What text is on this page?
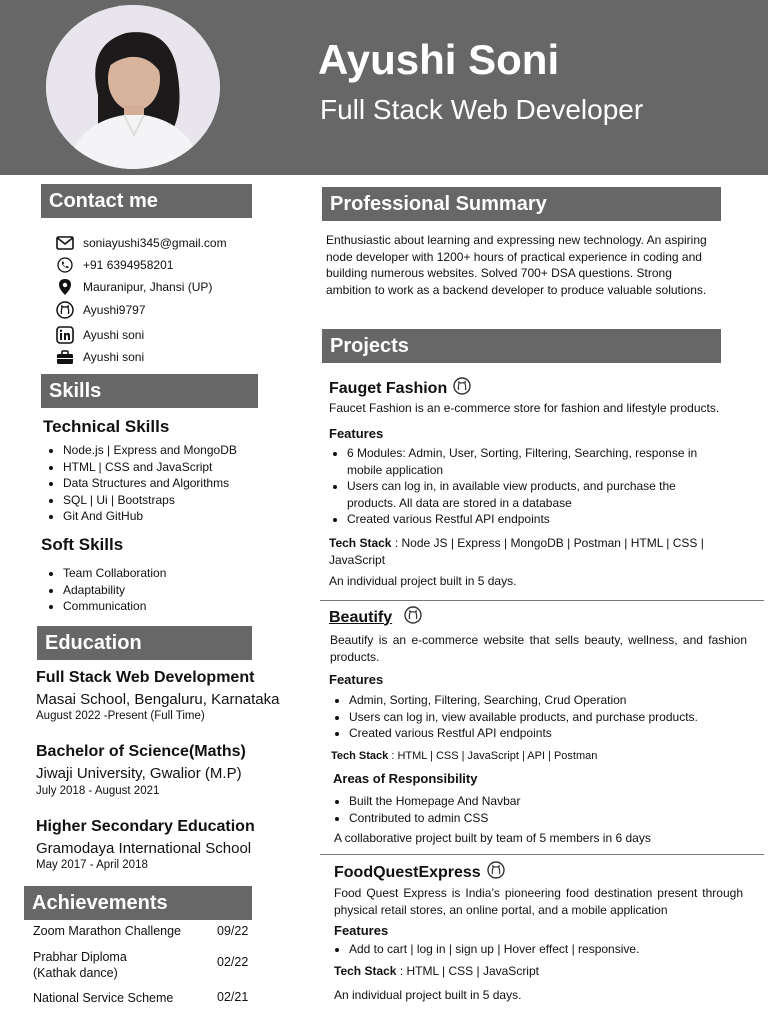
Ayushi Soni
Full Stack Web Developer
Contact me
soniayushi345@gmail.com
+91 6394958201
Mauranipur, Jhansi (UP)
Ayushi9797
Ayushi soni
Ayushi soni
Skills
Technical Skills
• Node.js | Express and MongoDB
• HTML | CSS and JavaScript
• Data Structures and Algorithms
• SQL | Ui | Bootstraps
• Git And GitHub
Soft Skills
• Team Collaboration
• Adaptability
• Communication
Education
Full Stack Web Development
Masai School, Bengaluru, Karnataka
August 2022 -Present (Full Time)
Bachelor of Science(Maths)
Jiwaji University, Gwalior (M.P)
July 2018 - August 2021
Higher Secondary Education
Gramodaya International School
May 2017 - April 2018
Achievements
Zoom Marathon Challenge	09/22
Prabhar Diploma
(Kathak dance)
02/22
National Service Scheme	02/21
Professional Summary
Enthusiastic about learning and expressing new technology. An aspiring node developer with 1200+ hours of practical experience in coding and building numerous websites. Solved 700+ DSA questions. Strong ambition to work as a backend developer to produce valuable solutions.
Projects
Fauget Fashion
Faucet Fashion is an e-commerce store for fashion and lifestyle products.
Features
• 6 Modules: Admin, User, Sorting, Filtering, Searching, response in mobile application
• Users can log in, in available view products, and purchase the products. All data are stored in a database
• Created various Restful API endpoints
Tech Stack : Node JS | Express | MongoDB | Postman | HTML | CSS | JavaScript
An individual project built in 5 days.
Beautify
Beautify is an e-commerce website that sells beauty, wellness, and fashion products.
Features
• Admin, Sorting, Filtering, Searching, Crud Operation
• Users can log in, view available products, and purchase products.
• Created various Restful API endpoints
Tech Stack : HTML | CSS | JavaScript | API | Postman
Areas of Responsibility
• Built the Homepage And Navbar
• Contributed to admin CSS
A collaborative project built by team of 5 members in 6 days
FoodQuestExpress
Food Quest Express is India’s pioneering food destination present through physical retail stores, an online portal, and a mobile application
Features
• Add to cart | log in | sign up | Hover effect | responsive.
Tech Stack : HTML | CSS | JavaScript
An individual project built in 5 days.
